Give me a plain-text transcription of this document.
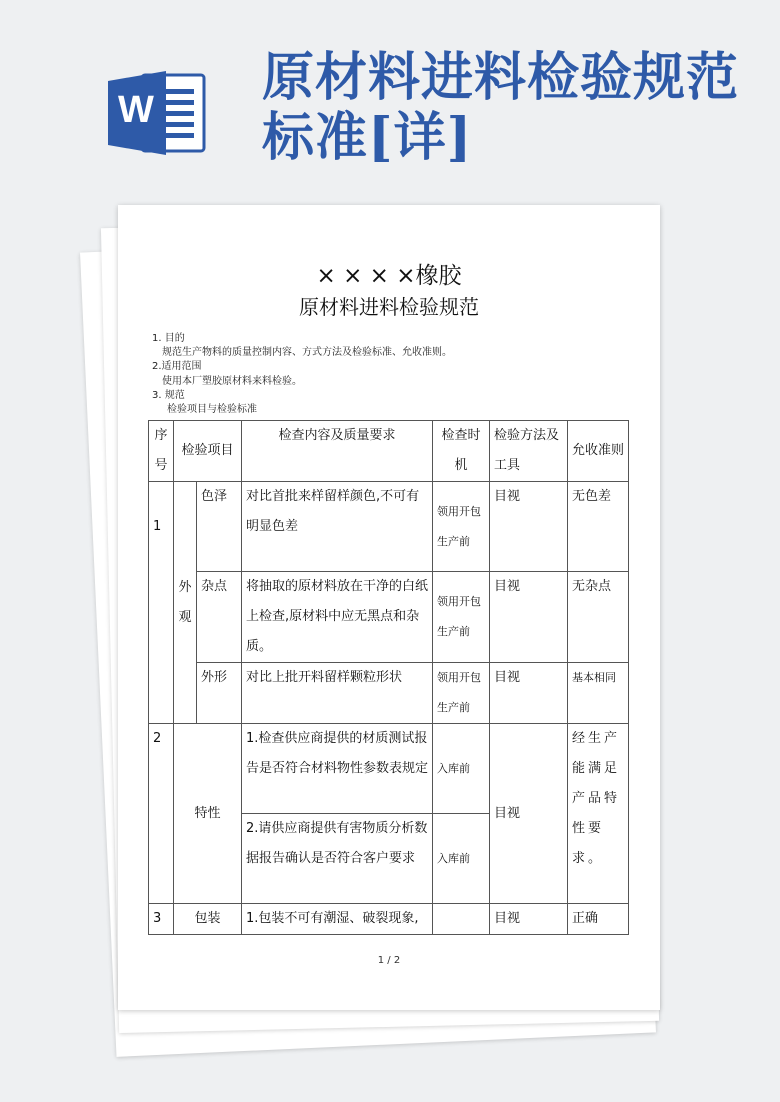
W
原材料进料检验规范标准[详]
× × × ×橡胶
原材料进料检验规范
1. 目的
规范生产物料的质量控制内容、方式方法及检验标准、允收准则。
2.适用范围
使用本厂塑胶原材料来料检验。
3. 规范
检验项目与检验标准
序号	检验项目		检查内容及质量要求	检查时机	检验方法及工具	允收准则

1	外观	色泽	对比首批来样留样颜色,不可有明显色差	领用开包生产前	目视	无色差
		杂点	将抽取的原材料放在干净的白纸上检查,原材料中应无黑点和杂质。	领用开包生产前	目视	无杂点
		外形	对比上批开料留样颗粒形状	领用开包生产前	目视	基本相同
2	特性		1.检查供应商提供的材质测试报告是否符合材料物性参数表规定	入库前	目视	经生产能满足产品特性要求。
			2.请供应商提供有害物质分析数据报告确认是否符合客户要求	入库前		
3	包装		1.包装不可有潮湿、破裂现象,		目视	正确
1 / 2
